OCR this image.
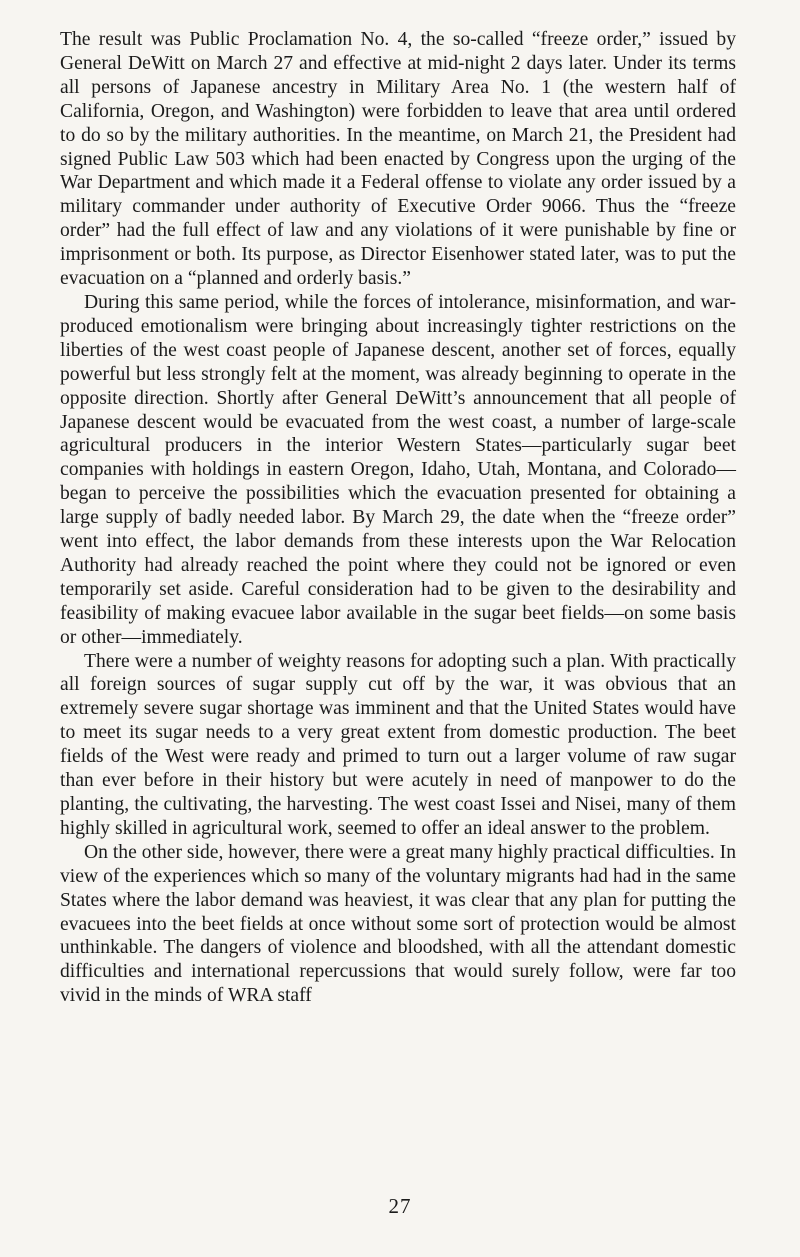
The result was Public Proclamation No. 4, the so-called “freeze order,” issued by General DeWitt on March 27 and effective at mid-night 2 days later. Under its terms all persons of Japanese ancestry in Military Area No. 1 (the western half of California, Oregon, and Washington) were forbidden to leave that area until ordered to do so by the military authorities. In the meantime, on March 21, the President had signed Public Law 503 which had been enacted by Congress upon the urging of the War Department and which made it a Federal offense to violate any order issued by a military commander under authority of Executive Order 9066. Thus the “freeze order” had the full effect of law and any violations of it were punishable by fine or imprisonment or both. Its purpose, as Director Eisenhower stated later, was to put the evacuation on a “planned and orderly basis.”

During this same period, while the forces of intolerance, misinformation, and war-produced emotionalism were bringing about increasingly tighter restrictions on the liberties of the west coast people of Japanese descent, another set of forces, equally powerful but less strongly felt at the moment, was already beginning to operate in the opposite direction. Shortly after General DeWitt’s announcement that all people of Japanese descent would be evacuated from the west coast, a number of large-scale agricultural producers in the interior Western States—particularly sugar beet companies with holdings in eastern Oregon, Idaho, Utah, Montana, and Colorado—began to perceive the possibilities which the evacuation presented for obtaining a large supply of badly needed labor. By March 29, the date when the “freeze order” went into effect, the labor demands from these interests upon the War Relocation Authority had already reached the point where they could not be ignored or even temporarily set aside. Careful consideration had to be given to the desirability and feasibility of making evacuee labor available in the sugar beet fields—on some basis or other—immediately.

There were a number of weighty reasons for adopting such a plan. With practically all foreign sources of sugar supply cut off by the war, it was obvious that an extremely severe sugar shortage was imminent and that the United States would have to meet its sugar needs to a very great extent from domestic production. The beet fields of the West were ready and primed to turn out a larger volume of raw sugar than ever before in their history but were acutely in need of manpower to do the planting, the cultivating, the harvesting. The west coast Issei and Nisei, many of them highly skilled in agricultural work, seemed to offer an ideal answer to the problem.

On the other side, however, there were a great many highly practical difficulties. In view of the experiences which so many of the voluntary migrants had had in the same States where the labor demand was heaviest, it was clear that any plan for putting the evacuees into the beet fields at once without some sort of protection would be almost unthinkable. The dangers of violence and bloodshed, with all the attendant domestic difficulties and international repercussions that would surely follow, were far too vivid in the minds of WRA staff

27
